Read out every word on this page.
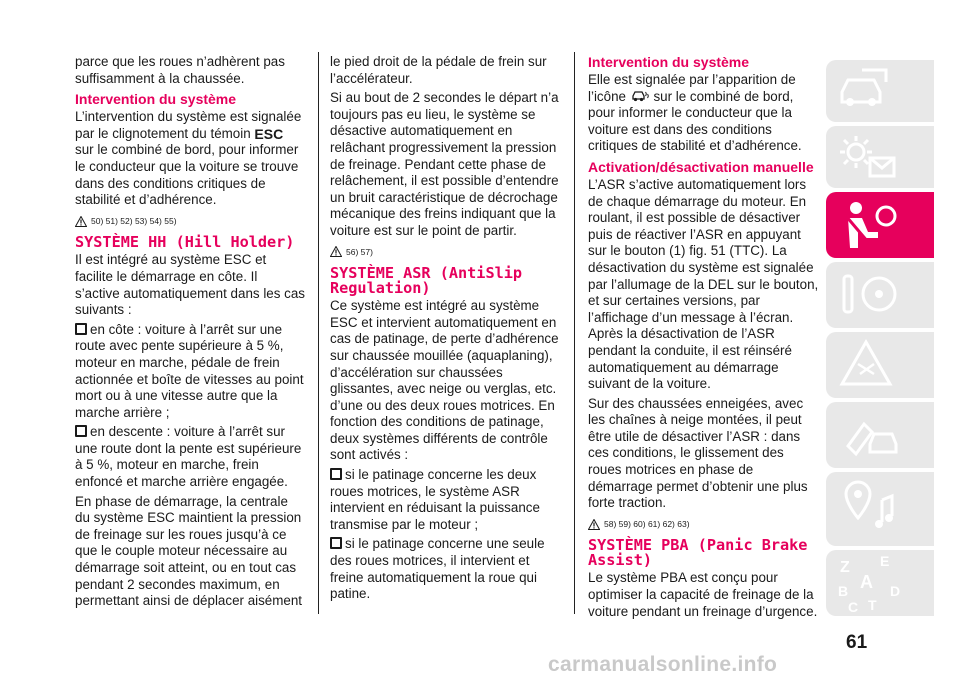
parce que les roues n’adhèrent pas suffisamment à la chaussée.

Intervention du système

L’intervention du système est signalée par le clignotement du témoin ESC sur le combiné de bord, pour informer le conducteur que la voiture se trouve dans des conditions critiques de stabilité et d’adhérence.

50) 51) 52) 53) 54) 55)
SYSTÈME HH (Hill Holder)

Il est intégré au système ESC et facilite le démarrage en côte. Il s’active automatiquement dans les cas suivants :

en côte : voiture à l’arrêt sur une route avec pente supérieure à 5 %, moteur en marche, pédale de frein actionnée et boîte de vitesses au point mort ou à une vitesse autre que la marche arrière ;

en descente : voiture à l’arrêt sur une route dont la pente est supérieure à 5 %, moteur en marche, frein enfoncé et marche arrière engagée.

En phase de démarrage, la centrale du système ESC maintient la pression de freinage sur les roues jusqu’à ce que le couple moteur nécessaire au démarrage soit atteint, ou en tout cas pendant 2 secondes maximum, en permettant ainsi de déplacer aisément

le pied droit de la pédale de frein sur l’accélérateur.

Si au bout de 2 secondes le départ n’a toujours pas eu lieu, le système se désactive automatiquement en relâchant progressivement la pression de freinage. Pendant cette phase de relâchement, il est possible d’entendre un bruit caractéristique de décrochage mécanique des freins indiquant que la voiture est sur le point de partir.

56) 57)
SYSTÈME ASR (AntiSlip Regulation)

Ce système est intégré au système ESC et intervient automatiquement en cas de patinage, de perte d’adhérence sur chaussée mouillée (aquaplaning), d’accélération sur chaussées glissantes, avec neige ou verglas, etc. d’une ou des deux roues motrices. En fonction des conditions de patinage, deux systèmes différents de contrôle sont activés :

si le patinage concerne les deux roues motrices, le système ASR intervient en réduisant la puissance transmise par le moteur ;

si le patinage concerne une seule des roues motrices, il intervient et freine automatiquement la roue qui patine.

Intervention du système

Elle est signalée par l’apparition de l’icône sur le combiné de bord, pour informer le conducteur que la voiture est dans des conditions critiques de stabilité et d’adhérence.

Activation/désactivation manuelle

L’ASR s’active automatiquement lors de chaque démarrage du moteur. En roulant, il est possible de désactiver puis de réactiver l’ASR en appuyant sur le bouton (1) fig. 51 (TTC). La désactivation du système est signalée par l’allumage de la DEL sur le bouton, et sur certaines versions, par l’affichage d’un message à l’écran. Après la désactivation de l’ASR pendant la conduite, il est réinséré automatiquement au démarrage suivant de la voiture.

Sur des chaussées enneigées, avec les chaînes à neige montées, il peut être utile de désactiver l’ASR : dans ces conditions, le glissement des roues motrices en phase de démarrage permet d’obtenir une plus forte traction.

58) 59) 60) 61) 62) 63)
SYSTÈME PBA (Panic Brake Assist)

Le système PBA est conçu pour optimiser la capacité de freinage de la voiture pendant un freinage d’urgence.

Z E
A
B
C T
D
61
carmanualsonline.info
